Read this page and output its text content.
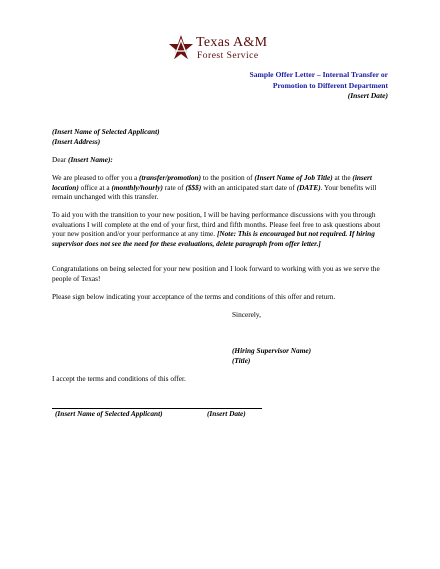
Texas A&M
Forest Service
Sample Offer Letter – Internal Transfer or
Promotion to Different Department
(Insert Date)
(Insert Name of Selected Applicant)
(Insert Address)
Dear (Insert Name):
We are pleased to offer you a (transfer/promotion) to the position of (Insert Name of Job Title) at the (insert location) office at a (monthly/hourly) rate of ($$$) with an anticipated start date of (DATE). Your benefits will remain unchanged with this transfer.
To aid you with the transition to your new position, I will be having performance discussions with you through evaluations I will complete at the end of your first, third and fifth months. Please feel free to ask questions about your new position and/or your performance at any time. [Note: This is encouraged but not required. If hiring supervisor does not see the need for these evaluations, delete paragraph from offer letter.]
Congratulations on being selected for your new position and I look forward to working with you as we serve the people of Texas!
Please sign below indicating your acceptance of the terms and conditions of this offer and return.
Sincerely,
(Hiring Supervisor Name)
(Title)
I accept the terms and conditions of this offer.
(Insert Name of Selected Applicant)	(Insert Date)
